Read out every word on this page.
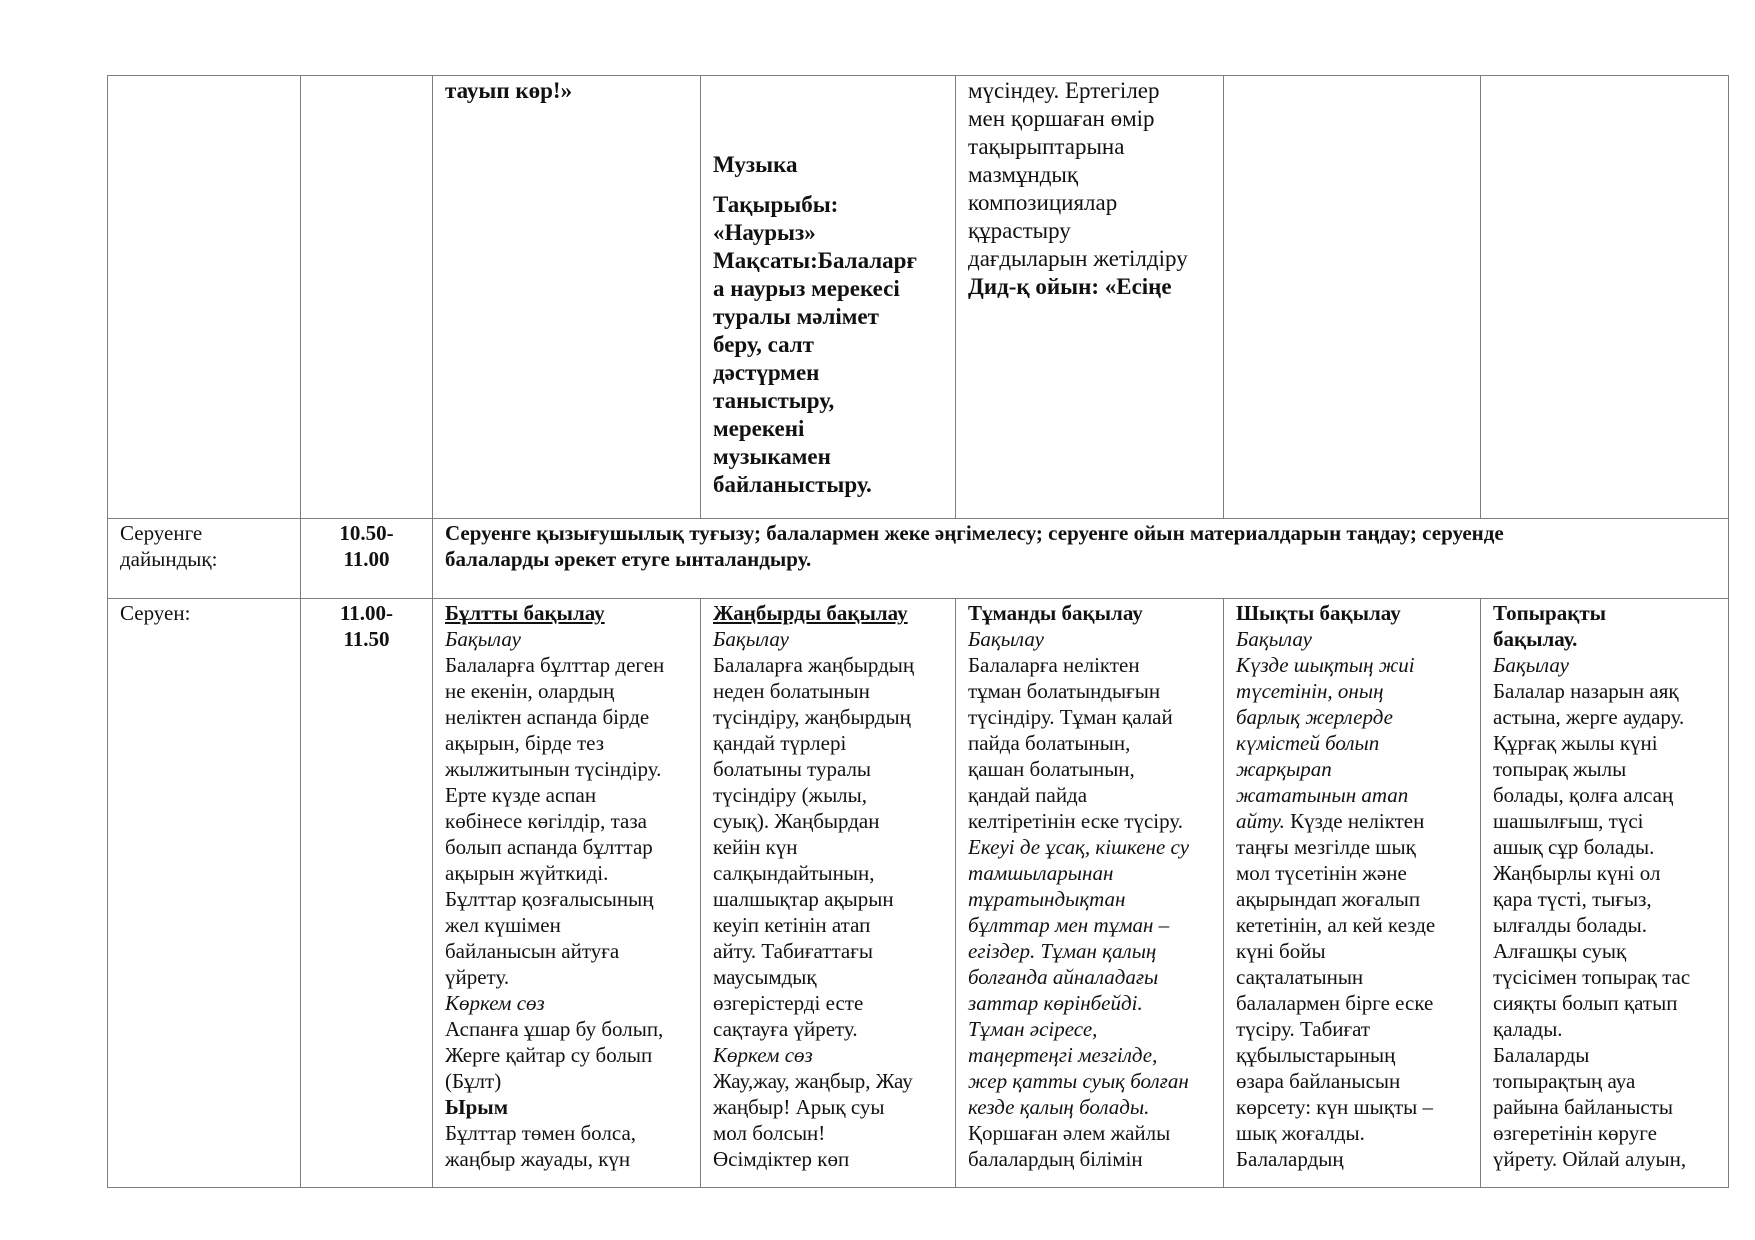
тауып көр!»

Музыка

Тақырыбы: «Наурыз»

Мақсаты:Балаларғ

а наурыз мерекесі

туралы мәлімет

беру, салт

дәстүрмен

таныстыру,

мерекені

музыкамен

байланыстыру.

мүсіндеу. Ертегілер

мен қоршаған өмір

тақырыптарына

мазмұндық

композициялар

құрастыру

дағдыларын жетілдіру

Дид-қ ойын: «Есіңе

Серуенге

дайындық:

10.50-

11.00

Серуенге қызығушылық туғызу; балалармен жеке әңгімелесу; серуенге ойын материалдарын таңдау; серуенде

балаларды әрекет етуге ынталандыру.

Серуен:	11.00-

11.50

Бұлтты бақылау

Бақылау

Балаларға бұлттар деген

не екенін, олардың

неліктен аспанда бірде

ақырын, бірде тез

жылжитынын түсіндіру.

Ерте күзде аспан

көбінесе көгілдір, таза

болып аспанда бұлттар

ақырын жүйткиді.

Бұлттар қозғалысының

жел күшімен

байланысын айтуға

үйрету.

Көркем сөз

Аспанға ұшар бу болып,

Жерге қайтар су болып

(Бұлт)

Ырым

Бұлттар төмен болса,

жаңбыр жауады, күн

Жаңбырды бақылау

Бақылау

Балаларға жаңбырдың

неден болатынын

түсіндіру, жаңбырдың

қандай түрлері

болатыны туралы

түсіндіру (жылы,

суық). Жаңбырдан

кейін күн

салқындайтынын,

шалшықтар ақырын

кеуіп кетінін атап

айту. Табиғаттағы

маусымдық

өзгерістерді есте

сақтауға үйрету.

Көркем сөз

Жау,жау, жаңбыр, Жау

жаңбыр! Арық суы

мол болсын!

Өсімдіктер көп

Тұманды бақылау

Бақылау

Балаларға неліктен

тұман болатындығын

түсіндіру. Тұман қалай

пайда болатынын,

қашан болатынын,

қандай пайда

келтіретінін еске түсіру.

Екеуі де ұсақ, кішкене су

тамшыларынан

тұратындықтан

бұлттар мен тұман –

егіздер. Тұман қалың

болғанда айналадағы

заттар көрінбейді.

Тұман әсіресе,

таңертеңгі мезгілде,

жер қатты суық болған

кезде қалың болады.

Қоршаған әлем жайлы

балалардың білімін

Шықты бақылау

Бақылау

Күзде шықтың жиі

түсетінін, оның

барлық жерлерде

күмістей болып

жарқырап

жататынын атап

айту. Күзде неліктен

таңғы мезгілде шық

мол түсетінін және

ақырындап жоғалып

кететінін, ал кей кезде

күні бойы

сақталатынын

балалармен бірге еске

түсіру. Табиғат

құбылыстарының

өзара байланысын

көрсету: күн шықты –

шық жоғалды.

Балалардың

Топырақты

бақылау.

Бақылау

Балалар назарын аяқ

астына, жерге аудару.

Құрғақ жылы күні

топырақ жылы

болады, қолға алсаң

шашылғыш, түсі

ашық сұр болады.

Жаңбырлы күні ол

қара түсті, тығыз,

ылғалды болады.

Алғашқы суық

түсісімен топырақ тас

сияқты болып қатып

қалады.

Балаларды

топырақтың ауа

райына байланысты

өзгеретінін көруге

үйрету. Ойлай алуын,
